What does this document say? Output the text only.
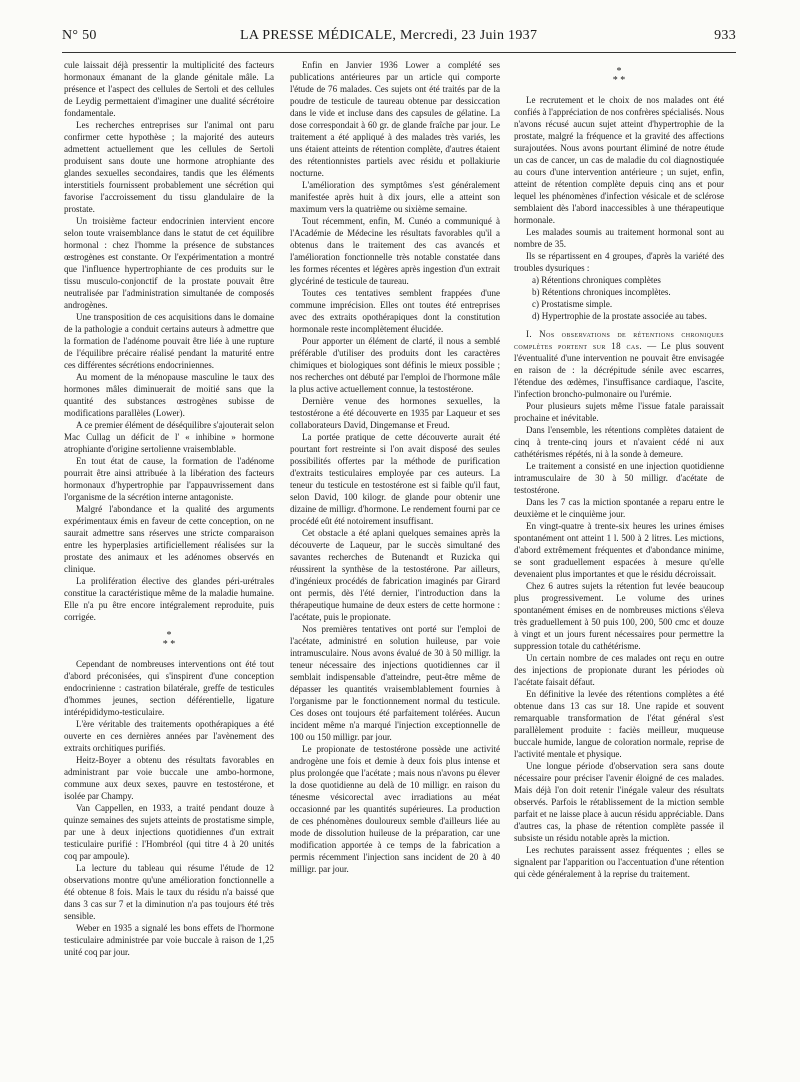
N° 50	LA PRESSE MÉDICALE, Mercredi, 23 Juin 1937	933

cule laissait déjà pressentir la multiplicité des facteurs hormonaux émanant de la glande génitale mâle. La présence et l'aspect des cellules de Sertoli et des cellules de Leydig permettaient d'imaginer une dualité sécrétoire fondamentale.

Les recherches entreprises sur l'animal ont paru confirmer cette hypothèse ; la majorité des auteurs admettent actuellement que les cellules de Sertoli produisent sans doute une hormone atrophiante des glandes sexuelles secondaires, tandis que les éléments interstitiels fournissent probablement une sécrétion qui favorise l'accroissement du tissu glandulaire de la prostate.

Un troisième facteur endocrinien intervient encore selon toute vraisemblance dans le statut de cet équilibre hormonal : chez l'homme la présence de substances œstrogènes est constante. Or l'expérimentation a montré que l'influence hypertrophiante de ces produits sur le tissu musculo-conjonctif de la prostate pouvait être neutralisée par l'administration simultanée de composés androgènes.

Une transposition de ces acquisitions dans le domaine de la pathologie a conduit certains auteurs à admettre que la formation de l'adénome pouvait être liée à une rupture de l'équilibre précaire réalisé pendant la maturité entre ces différentes sécrétions endocriniennes.

Au moment de la ménopause masculine le taux des hormones mâles diminuerait de moitié sans que la quantité des substances œstrogènes subisse de modifications parallèles (Lower).

A ce premier élément de déséquilibre s'ajouterait selon Mac Cullag un déficit de l' « inhibine » hormone atrophiante d'origine sertolienne vraisemblable.

En tout état de cause, la formation de l'adénome pourrait être ainsi attribuée à la libération des facteurs hormonaux d'hypertrophie par l'appauvrissement dans l'organisme de la sécrétion interne antagoniste.

Malgré l'abondance et la qualité des arguments expérimentaux émis en faveur de cette conception, on ne saurait admettre sans réserves une stricte comparaison entre les hyperplasies artificiellement réalisées sur la prostate des animaux et les adénomes observés en clinique.

La prolifération élective des glandes péri-urétrales constitue la caractéristique même de la maladie humaine. Elle n'a pu être encore intégralement reproduite, puis corrigée.

*
* *

Cependant de nombreuses interventions ont été tout d'abord préconisées, qui s'inspirent d'une conception endocrinienne : castration bilatérale, greffe de testicules d'hommes jeunes, section déférentielle, ligature intérépididymo-testiculaire.

L'ère véritable des traitements opothérapiques a été ouverte en ces dernières années par l'avènement des extraits orchitiques purifiés.

Heitz-Boyer a obtenu des résultats favorables en administrant par voie buccale une ambo-hormone, commune aux deux sexes, pauvre en testostérone, et isolée par Champy.

Van Cappellen, en 1933, a traité pendant douze à quinze semaines des sujets atteints de prostatisme simple, par une à deux injections quotidiennes d'un extrait testiculaire purifié : l'Hombréol (qui titre 4 à 20 unités coq par ampoule).

La lecture du tableau qui résume l'étude de 12 observations montre qu'une amélioration fonctionnelle a été obtenue 8 fois. Mais le taux du résidu n'a baissé que dans 3 cas sur 7 et la diminution n'a pas toujours été très sensible.

Weber en 1935 a signalé les bons effets de l'hormone testiculaire administrée par voie buccale à raison de 1,25 unité coq par jour.

Enfin en Janvier 1936 Lower a complété ses publications antérieures par un article qui comporte l'étude de 76 malades. Ces sujets ont été traités par de la poudre de testicule de taureau obtenue par dessiccation dans le vide et incluse dans des capsules de gélatine. La dose correspondait à 60 gr. de glande fraîche par jour. Le traitement a été appliqué à des malades très variés, les uns étaient atteints de rétention complète, d'autres étaient des rétentionnistes partiels avec résidu et pollakiurie nocturne.

L'amélioration des symptômes s'est généralement manifestée après huit à dix jours, elle a atteint son maximum vers la quatrième ou sixième semaine.

Tout récemment, enfin, M. Cunéo a communiqué à l'Académie de Médecine les résultats favorables qu'il a obtenus dans le traitement des cas avancés et l'amélioration fonctionnelle très notable constatée dans les formes récentes et légères après ingestion d'un extrait glycériné de testicule de taureau.

Toutes ces tentatives semblent frappées d'une commune imprécision. Elles ont toutes été entreprises avec des extraits opothérapiques dont la constitution hormonale reste incomplètement élucidée.

Pour apporter un élément de clarté, il nous a semblé préférable d'utiliser des produits dont les caractères chimiques et biologiques sont définis le mieux possible ; nos recherches ont débuté par l'emploi de l'hormone mâle la plus active actuellement connue, la testostérone.

Dernière venue des hormones sexuelles, la testostérone a été découverte en 1935 par Laqueur et ses collaborateurs David, Dingemanse et Freud.

La portée pratique de cette découverte aurait été pourtant fort restreinte si l'on avait disposé des seules possibilités offertes par la méthode de purification d'extraits testiculaires employée par ces auteurs. La teneur du testicule en testostérone est si faible qu'il faut, selon David, 100 kilogr. de glande pour obtenir une dizaine de milligr. d'hormone. Le rendement fourni par ce procédé eût été notoirement insuffisant.

Cet obstacle a été aplani quelques semaines après la découverte de Laqueur, par le succès simultané des savantes recherches de Butenandt et Ruzicka qui réussirent la synthèse de la testostérone. Par ailleurs, d'ingénieux procédés de fabrication imaginés par Girard ont permis, dès l'été dernier, l'introduction dans la thérapeutique humaine de deux esters de cette hormone : l'acétate, puis le propionate.

Nos premières tentatives ont porté sur l'emploi de l'acétate, administré en solution huileuse, par voie intramusculaire. Nous avons évalué de 30 à 50 milligr. la teneur nécessaire des injections quotidiennes car il semblait indispensable d'atteindre, peut-être même de dépasser les quantités vraisemblablement fournies à l'organisme par le fonctionnement normal du testicule. Ces doses ont toujours été parfaitement tolérées. Aucun incident même n'a marqué l'injection exceptionnelle de 100 ou 150 milligr. par jour.

Le propionate de testostérone possède une activité androgène une fois et demie à deux fois plus intense et plus prolongée que l'acétate ; mais nous n'avons pu élever la dose quotidienne au delà de 10 milligr. en raison du ténesme vésicorectal avec irradiations au méat occasionné par les quantités supérieures. La production de ces phénomènes douloureux semble d'ailleurs liée au mode de dissolution huileuse de la préparation, car une modification apportée à ce temps de la fabrication a permis récemment l'injection sans incident de 20 à 40 milligr. par jour.

*
* *

Le recrutement et le choix de nos malades ont été confiés à l'appréciation de nos confrères spécialisés. Nous n'avons récusé aucun sujet atteint d'hypertrophie de la prostate, malgré la fréquence et la gravité des affections surajoutées. Nous avons pourtant éliminé de notre étude un cas de cancer, un cas de maladie du col diagnostiquée au cours d'une intervention antérieure ; un sujet, enfin, atteint de rétention complète depuis cinq ans et pour lequel les phénomènes d'infection vésicale et de sclérose semblaient dès l'abord inaccessibles à une thérapeutique hormonale.

Les malades soumis au traitement hormonal sont au nombre de 35.

Ils se répartissent en 4 groupes, d'après la variété des troubles dysuriques :

a) Rétentions chroniques complètes

b) Rétentions chroniques incomplètes.

c) Prostatisme simple.

d) Hypertrophie de la prostate associée au tabes.

I. Nos observations de rétentions chroniques complètes portent sur 18 cas. — Le plus souvent l'éventualité d'une intervention ne pouvait être envisagée en raison de : la décrépitude sénile avec escarres, l'étendue des œdèmes, l'insuffisance cardiaque, l'ascite, l'infection broncho-pulmonaire ou l'urémie.

Pour plusieurs sujets même l'issue fatale paraissait prochaine et inévitable.

Dans l'ensemble, les rétentions complètes dataient de cinq à trente-cinq jours et n'avaient cédé ni aux cathétérismes répétés, ni à la sonde à demeure.

Le traitement a consisté en une injection quotidienne intramusculaire de 30 à 50 milligr. d'acétate de testostérone.

Dans les 7 cas la miction spontanée a reparu entre le deuxième et le cinquième jour.

En vingt-quatre à trente-six heures les urines émises spontanément ont atteint 1 l. 500 à 2 litres. Les mictions, d'abord extrêmement fréquentes et d'abondance minime, se sont graduellement espacées à mesure qu'elle devenaient plus importantes et que le résidu décroissait.

Chez 6 autres sujets la rétention fut levée beaucoup plus progressivement. Le volume des urines spontanément émises en de nombreuses mictions s'éleva très graduellement à 50 puis 100, 200, 500 cmc et douze à vingt et un jours furent nécessaires pour permettre la suppression totale du cathétérisme.

Un certain nombre de ces malades ont reçu en outre des injections de propionate durant les périodes où l'acétate faisait défaut.

En définitive la levée des rétentions complètes a été obtenue dans 13 cas sur 18. Une rapide et souvent remarquable transformation de l'état général s'est parallèlement produite : faciès meilleur, muqueuse buccale humide, langue de coloration normale, reprise de l'activité mentale et physique.

Une longue période d'observation sera sans doute nécessaire pour préciser l'avenir éloigné de ces malades. Mais déjà l'on doit retenir l'inégale valeur des résultats observés. Parfois le rétablissement de la miction semble parfait et ne laisse place à aucun résidu appréciable. Dans d'autres cas, la phase de rétention complète passée il subsiste un résidu notable après la miction.

Les rechutes paraissent assez fréquentes ; elles se signalent par l'apparition ou l'accentuation d'une rétention qui cède généralement à la reprise du traitement.
